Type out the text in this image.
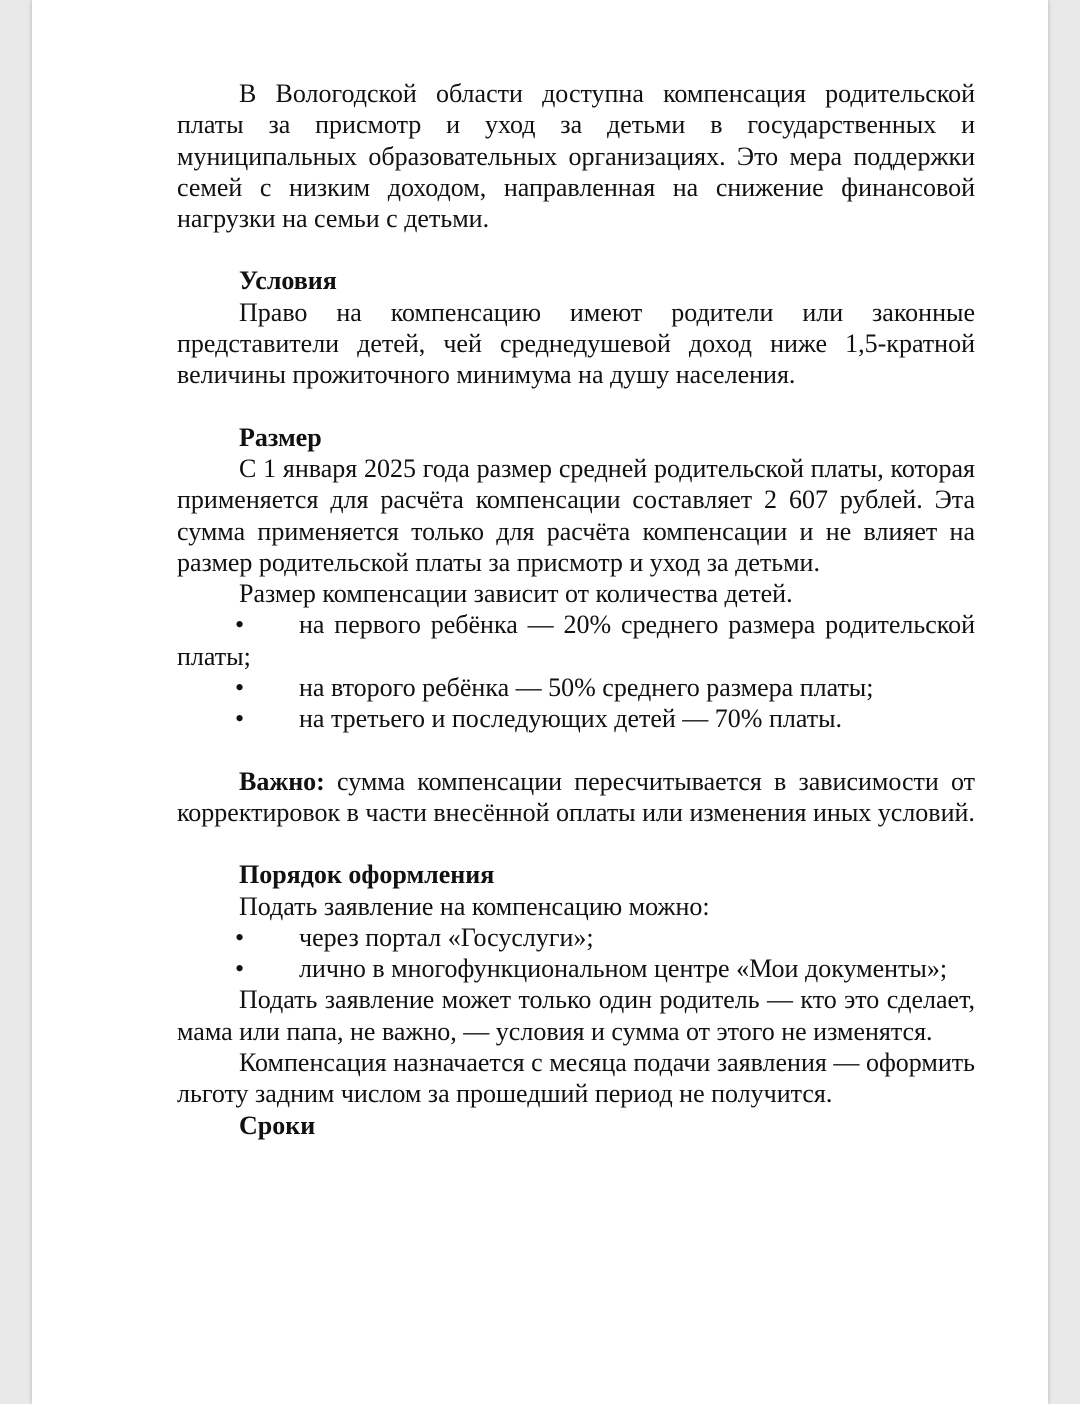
В Вологодской области доступна компенсация родительской платы за присмотр и уход за детьми в государственных и муниципальных образовательных организациях. Это мера поддержки семей с низким доходом, направленная на снижение финансовой нагрузки на семьи с детьми.

Условия

Право на компенсацию имеют родители или законные представители детей, чей среднедушевой доход ниже 1,5-кратной величины прожиточного минимума на душу населения.

Размер

С 1 января 2025 года размер средней родительской платы, которая применяется для расчёта компенсации составляет 2 607 рублей. Эта сумма применяется только для расчёта компенсации и не влияет на размер родительской платы за присмотр и уход за детьми.

Размер компенсации зависит от количества детей.

• на первого ребёнка — 20% среднего размера родительской платы;
• на второго ребёнка — 50% среднего размера платы;
• на третьего и последующих детей — 70% платы.

Важно: сумма компенсации пересчитывается в зависимости от корректировок в части внесённой оплаты или изменения иных условий.

Порядок оформления

Подать заявление на компенсацию можно:

• через портал «Госуслуги»;
• лично в многофункциональном центре «Мои документы»;

Подать заявление может только один родитель — кто это сделает, мама или папа, не важно, — условия и сумма от этого не изменятся.

Компенсация назначается с месяца подачи заявления — оформить льготу задним числом за прошедший период не получится.

Сроки
